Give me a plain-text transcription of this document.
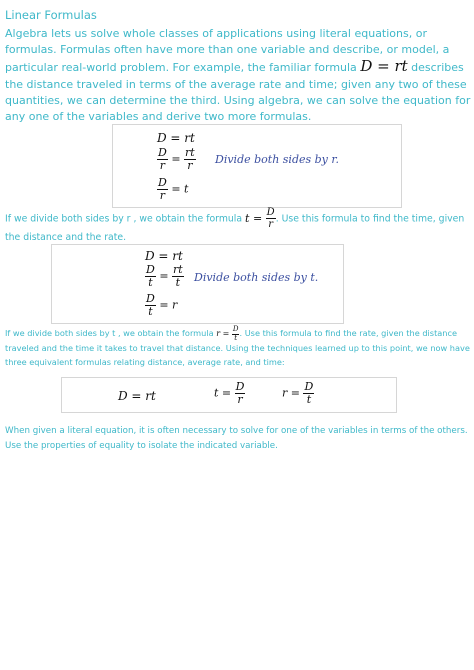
Linear Formulas
Algebra lets us solve whole classes of applications using literal equations, or formulas. Formulas often have more than one variable and describe, or model, a particular real-world problem. For example, the familiar formula D = rt describes the distance traveled in terms of the average rate and time; given any two of these quantities, we can determine the third. Using algebra, we can solve the equation for any one of the variables and derive two more formulas.
D = rt
$\frac{D}{r} = \frac{rt}{r}$
$\frac{D}{r} = t$
Divide both sides by r.
If we divide both sides by r , we obtain the formula $t = \frac{D}{r}$ . Use this formula to find the time, given the distance and the rate.
D = rt
$\frac{D}{t} = \frac{rt}{t}$
$\frac{D}{t} = r$
Divide both sides by t.
If we divide both sides by t , we obtain the formula $r = \frac{D}{t}$ . Use this formula to find the rate, given the distance traveled and the time it takes to travel that distance. Using the techniques learned up to this point, we now have three equivalent formulas relating distance, average rate, and time:
D = rt	$t = \frac{D}{r}$	$r = \frac{D}{t}$
When given a literal equation, it is often necessary to solve for one of the variables in terms of the others. Use the properties of equality to isolate the indicated variable.
